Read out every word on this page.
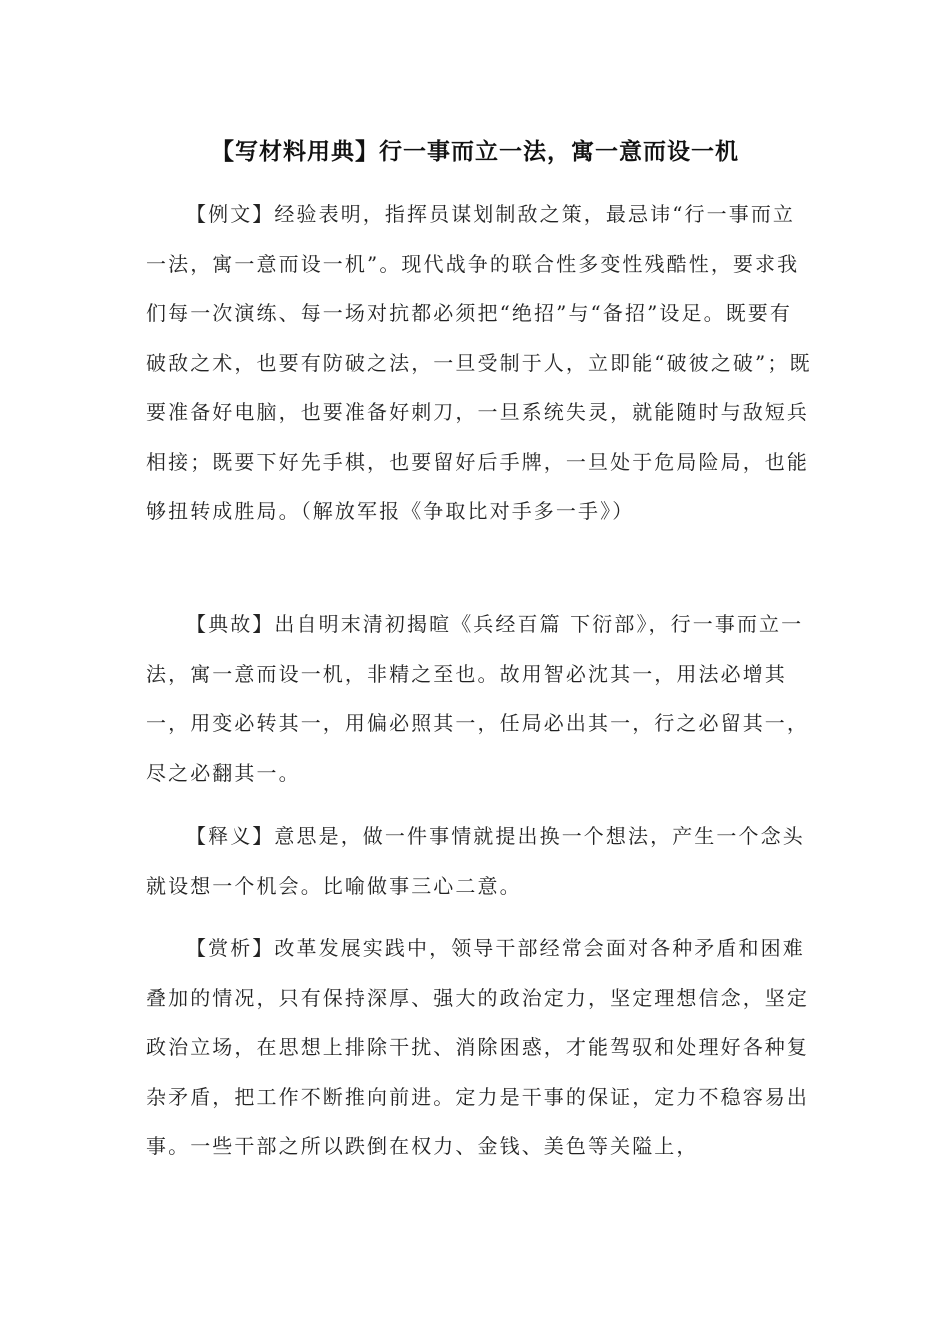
【写材料用典】行一事而立一法，寓一意而设一机

【例文】经验表明，指挥员谋划制敌之策，最忌讳“行一事而立一法，寓一意而设一机”。现代战争的联合性多变性残酷性，要求我们每一次演练、每一场对抗都必须把“绝招”与“备招”设足。既要有破敌之术，也要有防破之法，一旦受制于人，立即能“破彼之破”；既要准备好电脑，也要准备好刺刀，一旦系统失灵，就能随时与敌短兵相接；既要下好先手棋，也要留好后手牌，一旦处于危局险局，也能够扭转成胜局。（解放军报《争取比对手多一手》）

【典故】出自明末清初揭暄《兵经百篇 下衍部》，行一事而立一法，寓一意而设一机，非精之至也。故用智必沈其一，用法必增其一，用变必转其一，用偏必照其一，任局必出其一，行之必留其一，尽之必翻其一。

【释义】意思是，做一件事情就提出换一个想法，产生一个念头就设想一个机会。比喻做事三心二意。

【赏析】改革发展实践中，领导干部经常会面对各种矛盾和困难叠加的情况，只有保持深厚、强大的政治定力，坚定理想信念，坚定政治立场，在思想上排除干扰、消除困惑，才能驾驭和处理好各种复杂矛盾，把工作不断推向前进。定力是干事的保证，定力不稳容易出事。一些干部之所以跌倒在权力、金钱、美色等关隘上，
